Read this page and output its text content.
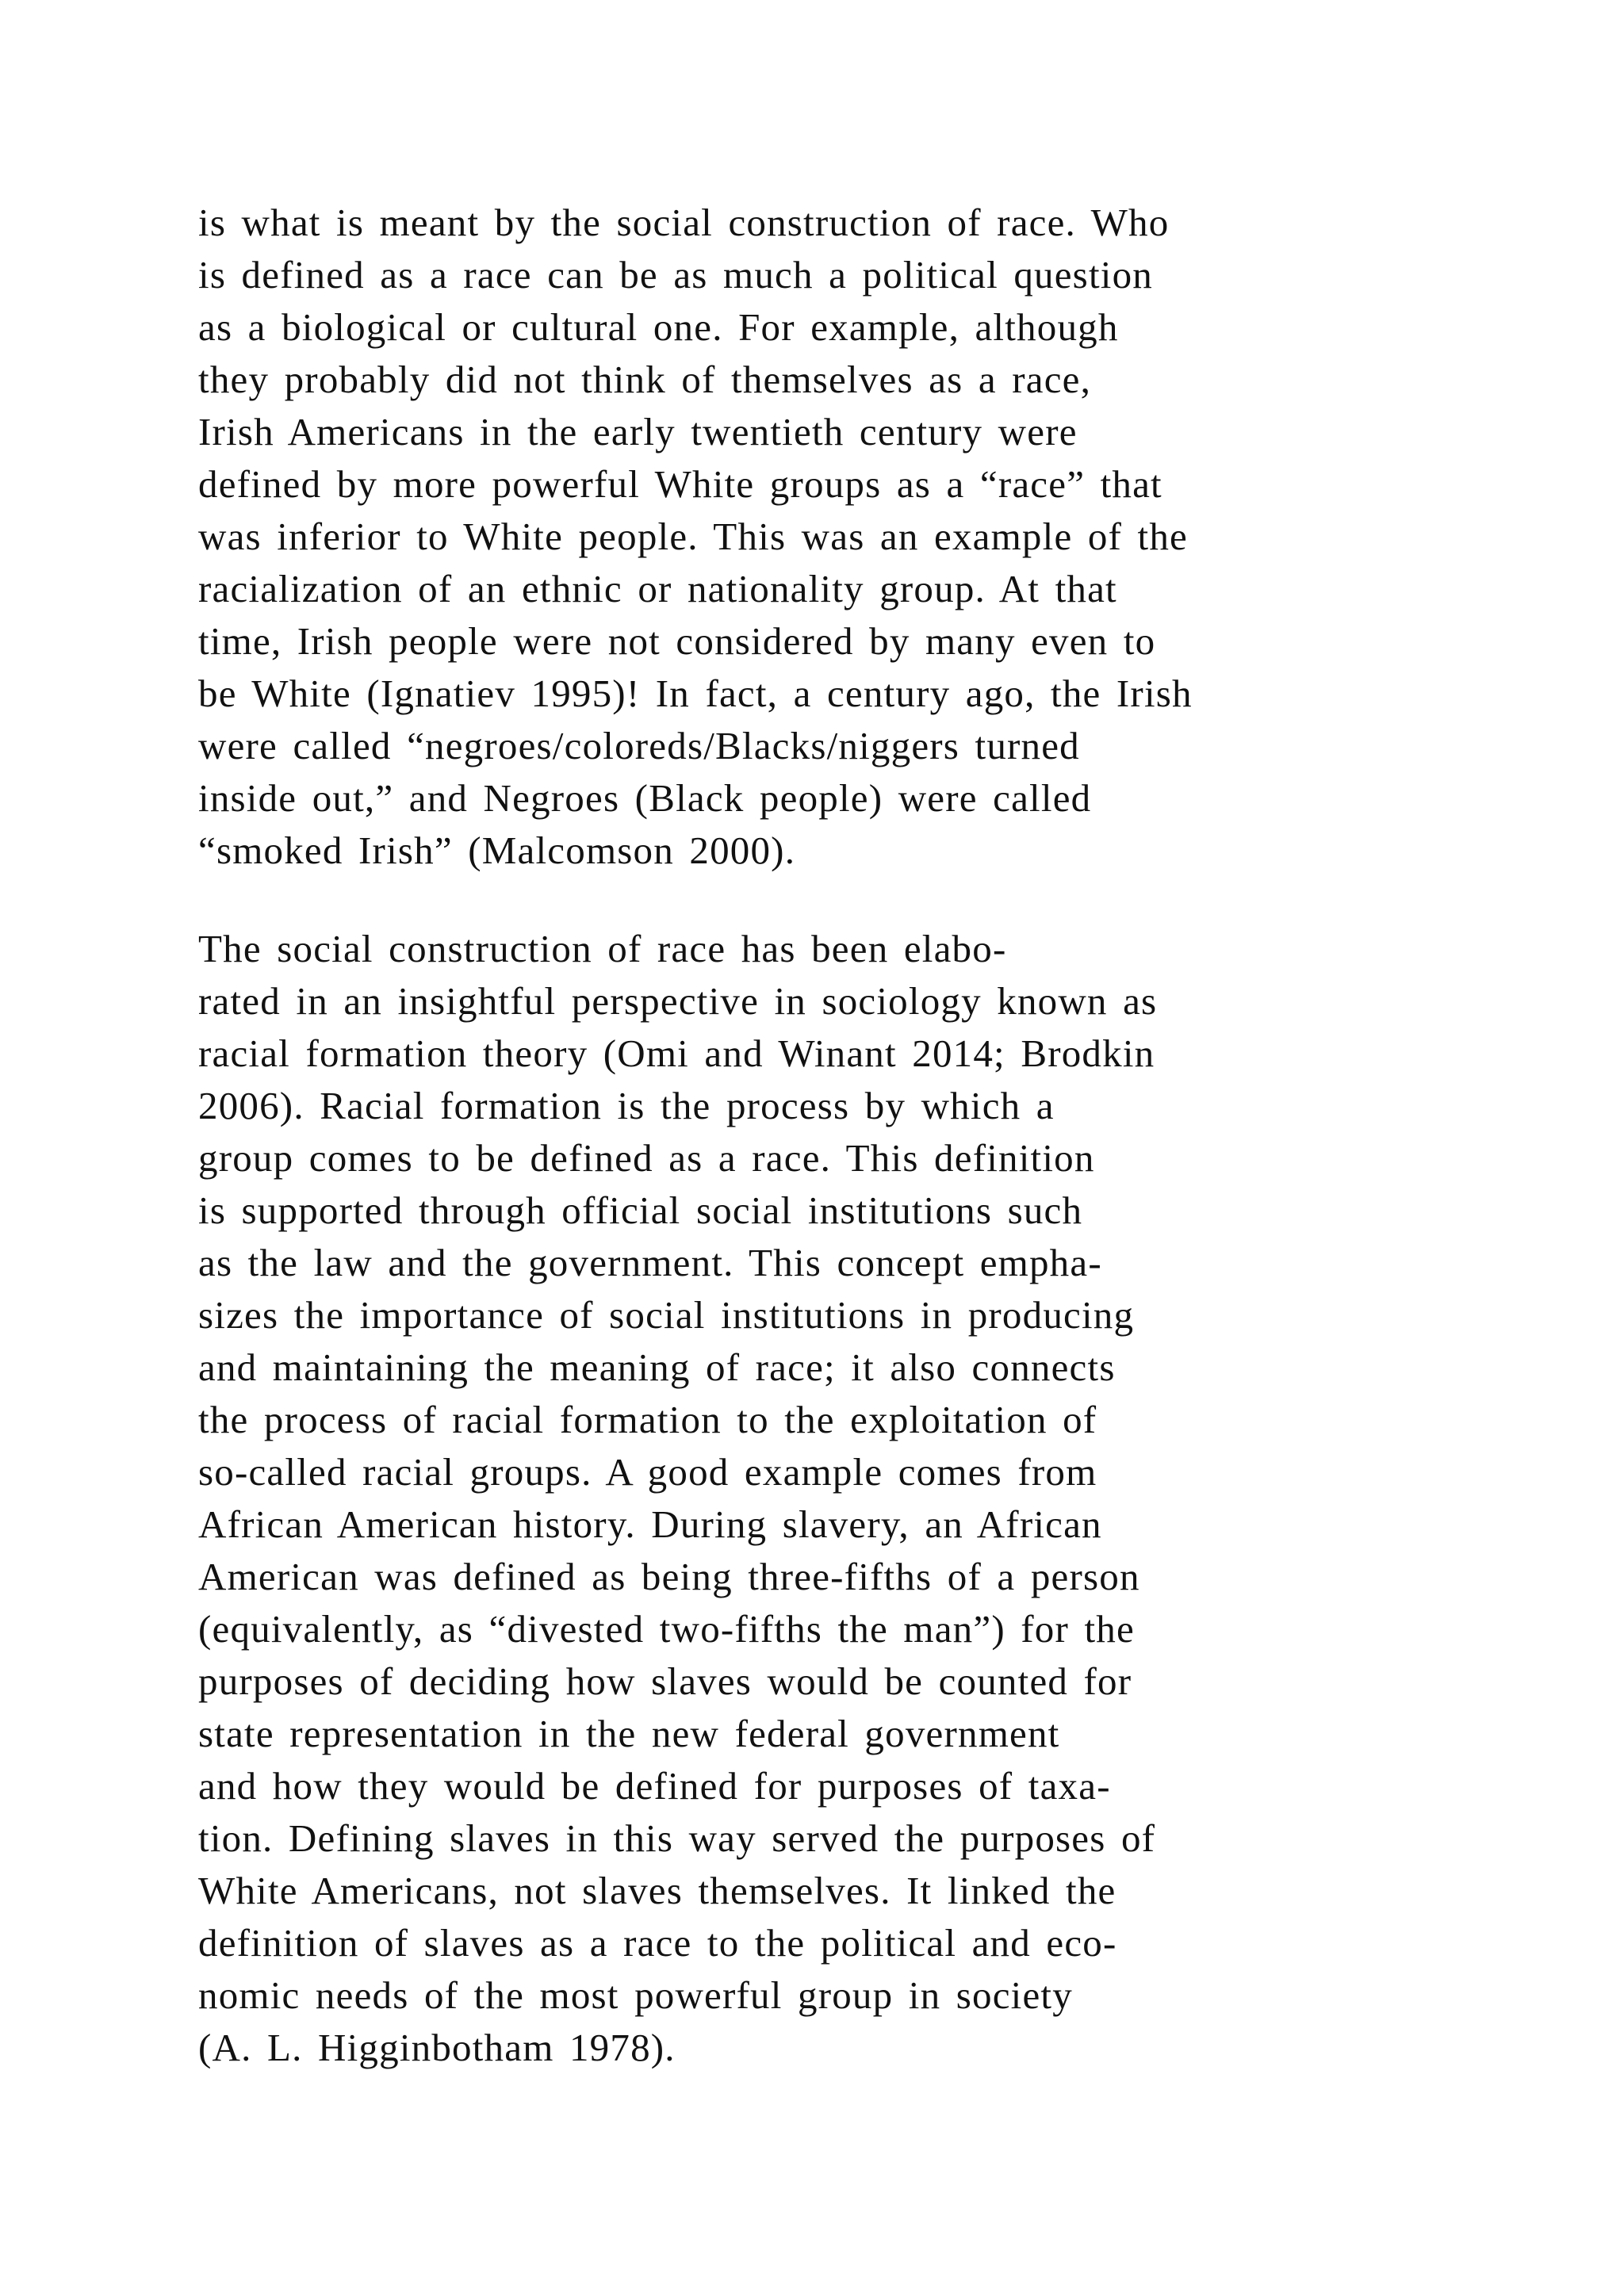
is what is meant by the social construction of race. Who
is defined as a race can be as much a political question
as a biological or cultural one. For example, although
they probably did not think of themselves as a race,
Irish Americans in the early twentieth century were
defined by more powerful White groups as a “race” that
was inferior to White people. This was an example of the
racialization of an ethnic or nationality group. At that
time, Irish people were not considered by many even to
be White (Ignatiev 1995)! In fact, a century ago, the Irish
were called “negroes/coloreds/Blacks/niggers turned
inside out,” and Negroes (Black people) were called
“smoked Irish” (Malcomson 2000).

The social construction of race has been elabo-
rated in an insightful perspective in sociology known as
racial formation theory (Omi and Winant 2014; Brodkin
2006). Racial formation is the process by which a
group comes to be defined as a race. This definition
is supported through official social institutions such
as the law and the government. This concept empha-
sizes the importance of social institutions in producing
and maintaining the meaning of race; it also connects
the process of racial formation to the exploitation of
so-called racial groups. A good example comes from
African American history. During slavery, an African
American was defined as being three-fifths of a person
(equivalently, as “divested two-fifths the man”) for the
purposes of deciding how slaves would be counted for
state representation in the new federal government
and how they would be defined for purposes of taxa-
tion. Defining slaves in this way served the purposes of
White Americans, not slaves themselves. It linked the
definition of slaves as a race to the political and eco-
nomic needs of the most powerful group in society
(A. L. Higginbotham 1978).
